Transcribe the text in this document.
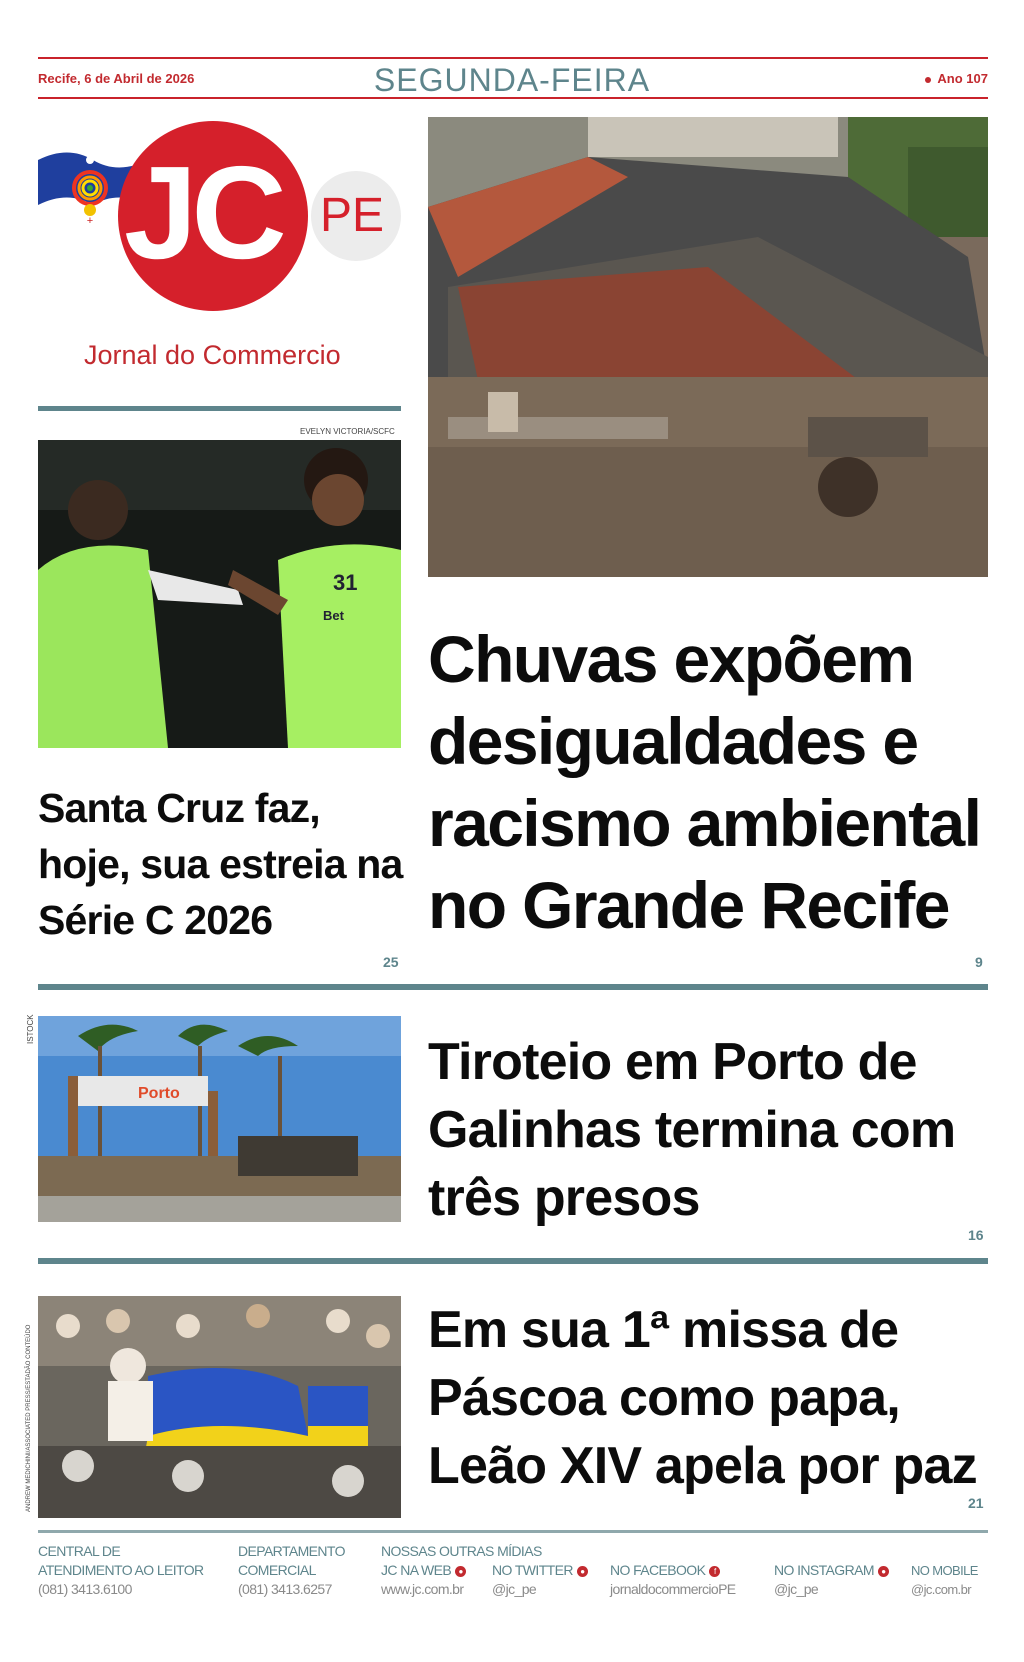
Recife, 6 de Abril de 2026	SEGUNDA-FEIRA	Ano 107
+ JC PE
Jornal do Commercio
Chuvas expõem desigualdades e racismo ambiental no Grande Recife
9
EVELYN VICTORIA/SCFC
31
Bet
Santa Cruz faz, hoje, sua estreia na Série C 2026
25
ISTOCK
Porto
Tiroteio em Porto de Galinhas termina com três presos
16
ANDREW MEDICHINI/ASSOCIATED PRESS/ESTADÃO CONTEÚDO	Em sua 1ª missa de Páscoa como papa, Leão XIV apela por paz
21
CENTRAL DE
ATENDIMENTO AO LEITOR
(081) 3413.6100
DEPARTAMENTO
COMERCIAL
(081) 3413.6257
NOSSAS OUTRAS MÍDIAS
JC NA WEB ●
www.jc.com.br
NO TWITTER ●
@jc_pe
NO FACEBOOK f
jornaldocommercioPE
NO INSTAGRAM ●
@jc_pe
NO MOBILE
@jc.com.br
